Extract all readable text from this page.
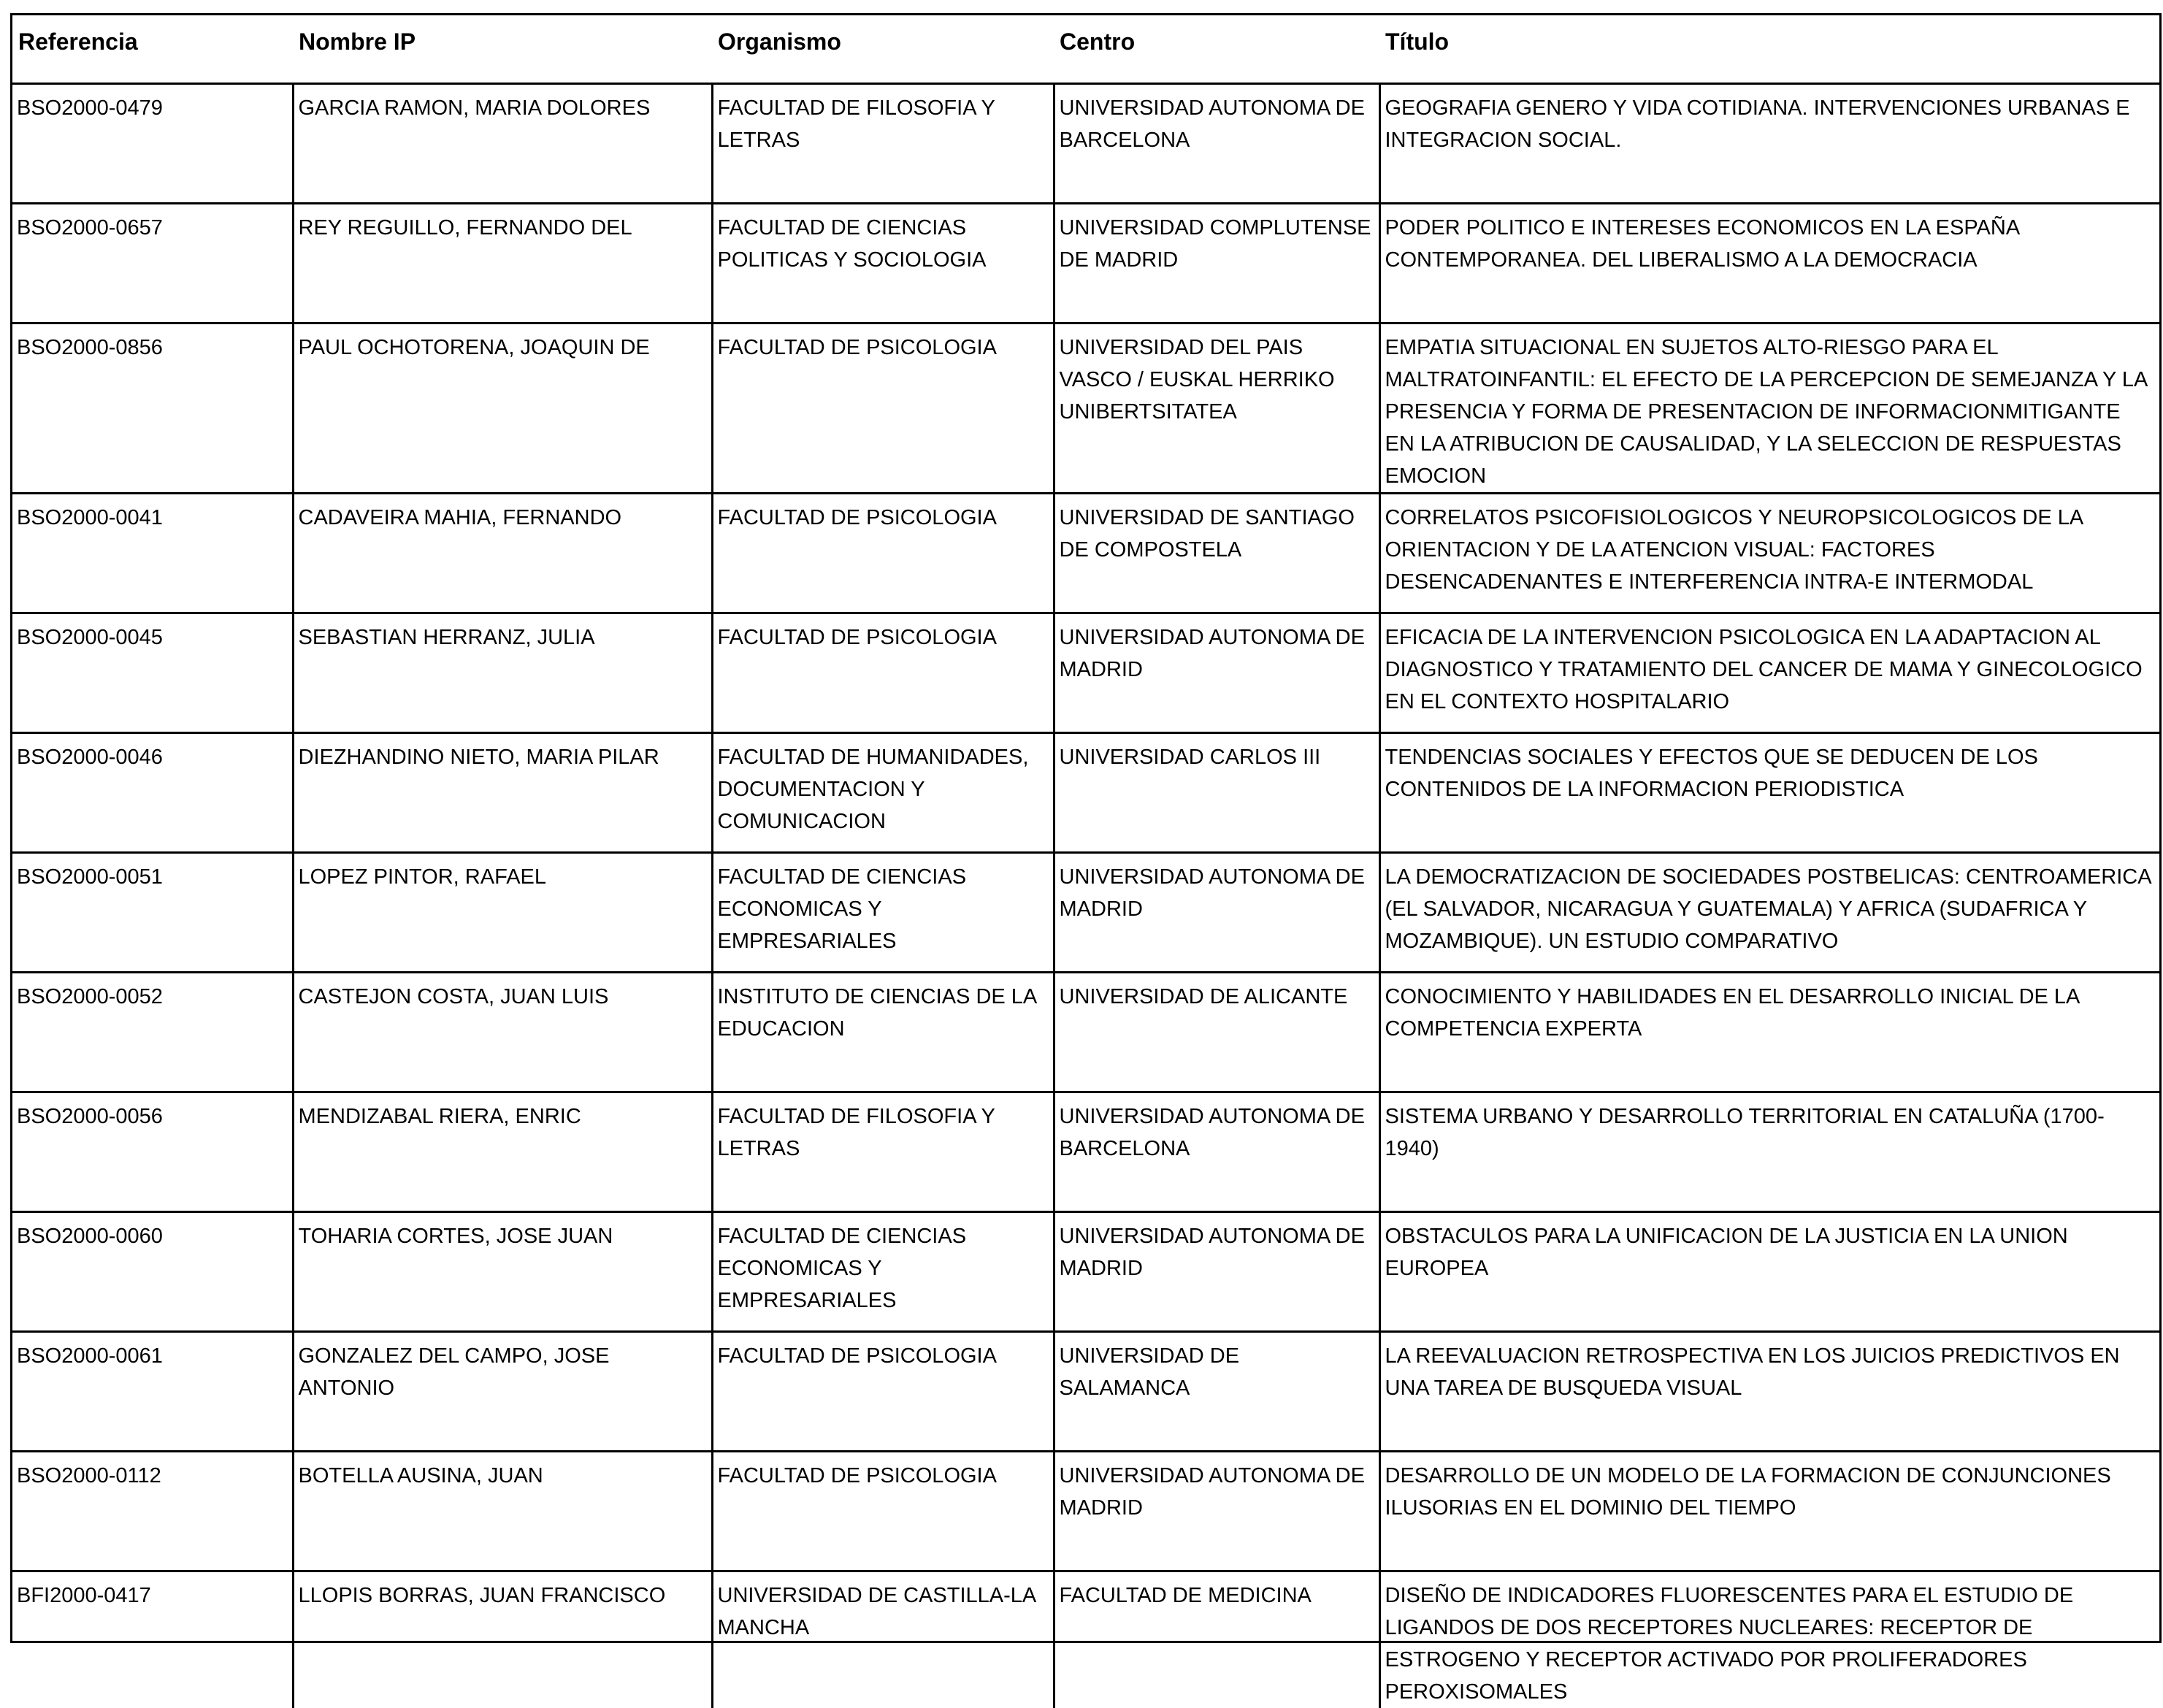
Referencia	Nombre IP	Organismo	Centro	Título
BSO2000-0479	GARCIA RAMON, MARIA DOLORES	FACULTAD DE FILOSOFIA Y LETRAS	UNIVERSIDAD AUTONOMA DE BARCELONA	GEOGRAFIA GENERO Y VIDA COTIDIANA. INTERVENCIONES URBANAS E INTEGRACION SOCIAL.
BSO2000-0657	REY REGUILLO, FERNANDO DEL	FACULTAD DE CIENCIAS POLITICAS Y SOCIOLOGIA	UNIVERSIDAD COMPLUTENSE DE MADRID	PODER POLITICO E INTERESES ECONOMICOS EN LA ESPAÑA CONTEMPORANEA. DEL LIBERALISMO A LA DEMOCRACIA
BSO2000-0856	PAUL OCHOTORENA, JOAQUIN DE	FACULTAD DE PSICOLOGIA	UNIVERSIDAD DEL PAIS VASCO / EUSKAL HERRIKO UNIBERTSITATEA	EMPATIA SITUACIONAL EN SUJETOS ALTO-RIESGO PARA EL MALTRATOINFANTIL: EL EFECTO DE LA PERCEPCION DE SEMEJANZA Y LA PRESENCIA Y FORMA DE PRESENTACION DE INFORMACIONMITIGANTE EN LA ATRIBUCION DE CAUSALIDAD, Y LA SELECCION DE RESPUESTAS EMOCION
BSO2000-0041	CADAVEIRA MAHIA, FERNANDO	FACULTAD DE PSICOLOGIA	UNIVERSIDAD DE SANTIAGO DE COMPOSTELA	CORRELATOS PSICOFISIOLOGICOS Y NEUROPSICOLOGICOS DE LA ORIENTACION Y DE LA ATENCION VISUAL: FACTORES DESENCADENANTES E INTERFERENCIA INTRA-E INTERMODAL
BSO2000-0045	SEBASTIAN HERRANZ, JULIA	FACULTAD DE PSICOLOGIA	UNIVERSIDAD AUTONOMA DE MADRID	EFICACIA DE LA INTERVENCION PSICOLOGICA EN LA ADAPTACION AL DIAGNOSTICO Y TRATAMIENTO DEL CANCER DE MAMA Y GINECOLOGICO EN EL CONTEXTO HOSPITALARIO
BSO2000-0046	DIEZHANDINO NIETO, MARIA PILAR	FACULTAD DE HUMANIDADES, DOCUMENTACION Y COMUNICACION	UNIVERSIDAD CARLOS III	TENDENCIAS SOCIALES Y EFECTOS QUE SE DEDUCEN DE LOS CONTENIDOS DE LA INFORMACION PERIODISTICA
BSO2000-0051	LOPEZ PINTOR, RAFAEL	FACULTAD DE CIENCIAS ECONOMICAS Y EMPRESARIALES	UNIVERSIDAD AUTONOMA DE MADRID	LA DEMOCRATIZACION DE SOCIEDADES POSTBELICAS: CENTROAMERICA (EL SALVADOR, NICARAGUA Y GUATEMALA) Y AFRICA (SUDAFRICA Y MOZAMBIQUE). UN ESTUDIO COMPARATIVO
BSO2000-0052	CASTEJON COSTA, JUAN LUIS	INSTITUTO DE CIENCIAS DE LA EDUCACION	UNIVERSIDAD DE ALICANTE	CONOCIMIENTO Y HABILIDADES EN EL DESARROLLO INICIAL DE LA COMPETENCIA EXPERTA
BSO2000-0056	MENDIZABAL RIERA, ENRIC	FACULTAD DE FILOSOFIA Y LETRAS	UNIVERSIDAD AUTONOMA DE BARCELONA	SISTEMA URBANO Y DESARROLLO TERRITORIAL EN CATALUÑA (1700-1940)
BSO2000-0060	TOHARIA CORTES, JOSE JUAN	FACULTAD DE CIENCIAS ECONOMICAS Y EMPRESARIALES	UNIVERSIDAD AUTONOMA DE MADRID	OBSTACULOS PARA LA UNIFICACION DE LA JUSTICIA EN LA UNION EUROPEA
BSO2000-0061	GONZALEZ DEL CAMPO, JOSE ANTONIO	FACULTAD DE PSICOLOGIA	UNIVERSIDAD DE SALAMANCA	LA REEVALUACION RETROSPECTIVA EN LOS JUICIOS PREDICTIVOS EN UNA TAREA DE BUSQUEDA VISUAL
BSO2000-0112	BOTELLA AUSINA, JUAN	FACULTAD DE PSICOLOGIA	UNIVERSIDAD AUTONOMA DE MADRID	DESARROLLO DE UN MODELO DE LA FORMACION DE CONJUNCIONES ILUSORIAS EN EL DOMINIO DEL TIEMPO
BFI2000-0417	LLOPIS BORRAS, JUAN FRANCISCO	UNIVERSIDAD DE CASTILLA-LA MANCHA	FACULTAD DE MEDICINA	DISEÑO DE INDICADORES FLUORESCENTES PARA EL ESTUDIO DE LIGANDOS DE DOS RECEPTORES NUCLEARES: RECEPTOR DE ESTROGENO Y RECEPTOR ACTIVADO POR PROLIFERADORES PEROXISOMALES
